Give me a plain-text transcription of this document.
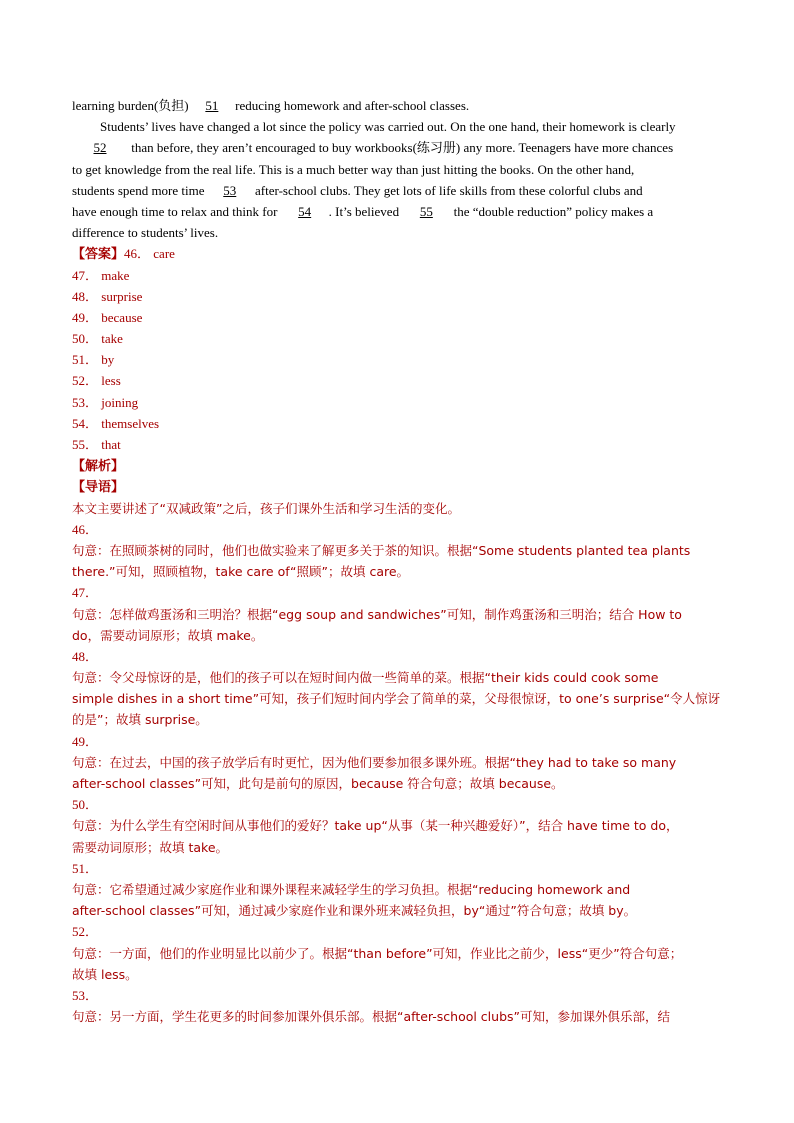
learning burden(负担) 51 reducing homework and after-school classes.
Students’ lives have changed a lot since the policy was carried out. On the one hand, their homework is clearly
52 than before, they aren’t encouraged to buy workbooks(练习册) any more. Teenagers have more chances
to get knowledge from the real life. This is a much better way than just hitting the books. On the other hand,
students spend more time 53 after-school clubs. They get lots of life skills from these colorful clubs and
have enough time to relax and think for 54 . It’s believed 55 the “double reduction” policy makes a
difference to students’ lives.
【答案】46． care
47． make
48． surprise
49． because
50． take
51． by
52． less
53． joining
54． themselves
55． that
【解析】
【导语】
本文主要讲述了“双减政策”之后，孩子们课外生活和学习生活的变化。
46．
句意：在照顾茶树的同时，他们也做实验来了解更多关于茶的知识。根据“Some students planted tea plants
there.”可知，照顾植物，take care of“照顾”；故填 care。
47．
句意：怎样做鸡蛋汤和三明治？根据“egg soup and sandwiches”可知，制作鸡蛋汤和三明治；结合 How to
do，需要动词原形；故填 make。
48．
句意：令父母惊讶的是，他们的孩子可以在短时间内做一些简单的菜。根据“their kids could cook some
simple dishes in a short time”可知，孩子们短时间内学会了简单的菜，父母很惊讶，to one’s surprise“令人惊讶
的是”；故填 surprise。
49．
句意：在过去，中国的孩子放学后有时更忙，因为他们要参加很多课外班。根据“they had to take so many
after-school classes”可知，此句是前句的原因，because 符合句意；故填 because。
50．
句意：为什么学生有空闲时间从事他们的爱好？take up“从事（某一种兴趣爱好）”，结合 have time to do，
需要动词原形；故填 take。
51．
句意：它希望通过减少家庭作业和课外课程来减轻学生的学习负担。根据“reducing homework and
after-school classes”可知，通过减少家庭作业和课外班来减轻负担，by“通过”符合句意；故填 by。
52．
句意：一方面，他们的作业明显比以前少了。根据“than before”可知，作业比之前少，less“更少”符合句意；
故填 less。
53．
句意：另一方面，学生花更多的时间参加课外俱乐部。根据“after-school clubs”可知，参加课外俱乐部，结
